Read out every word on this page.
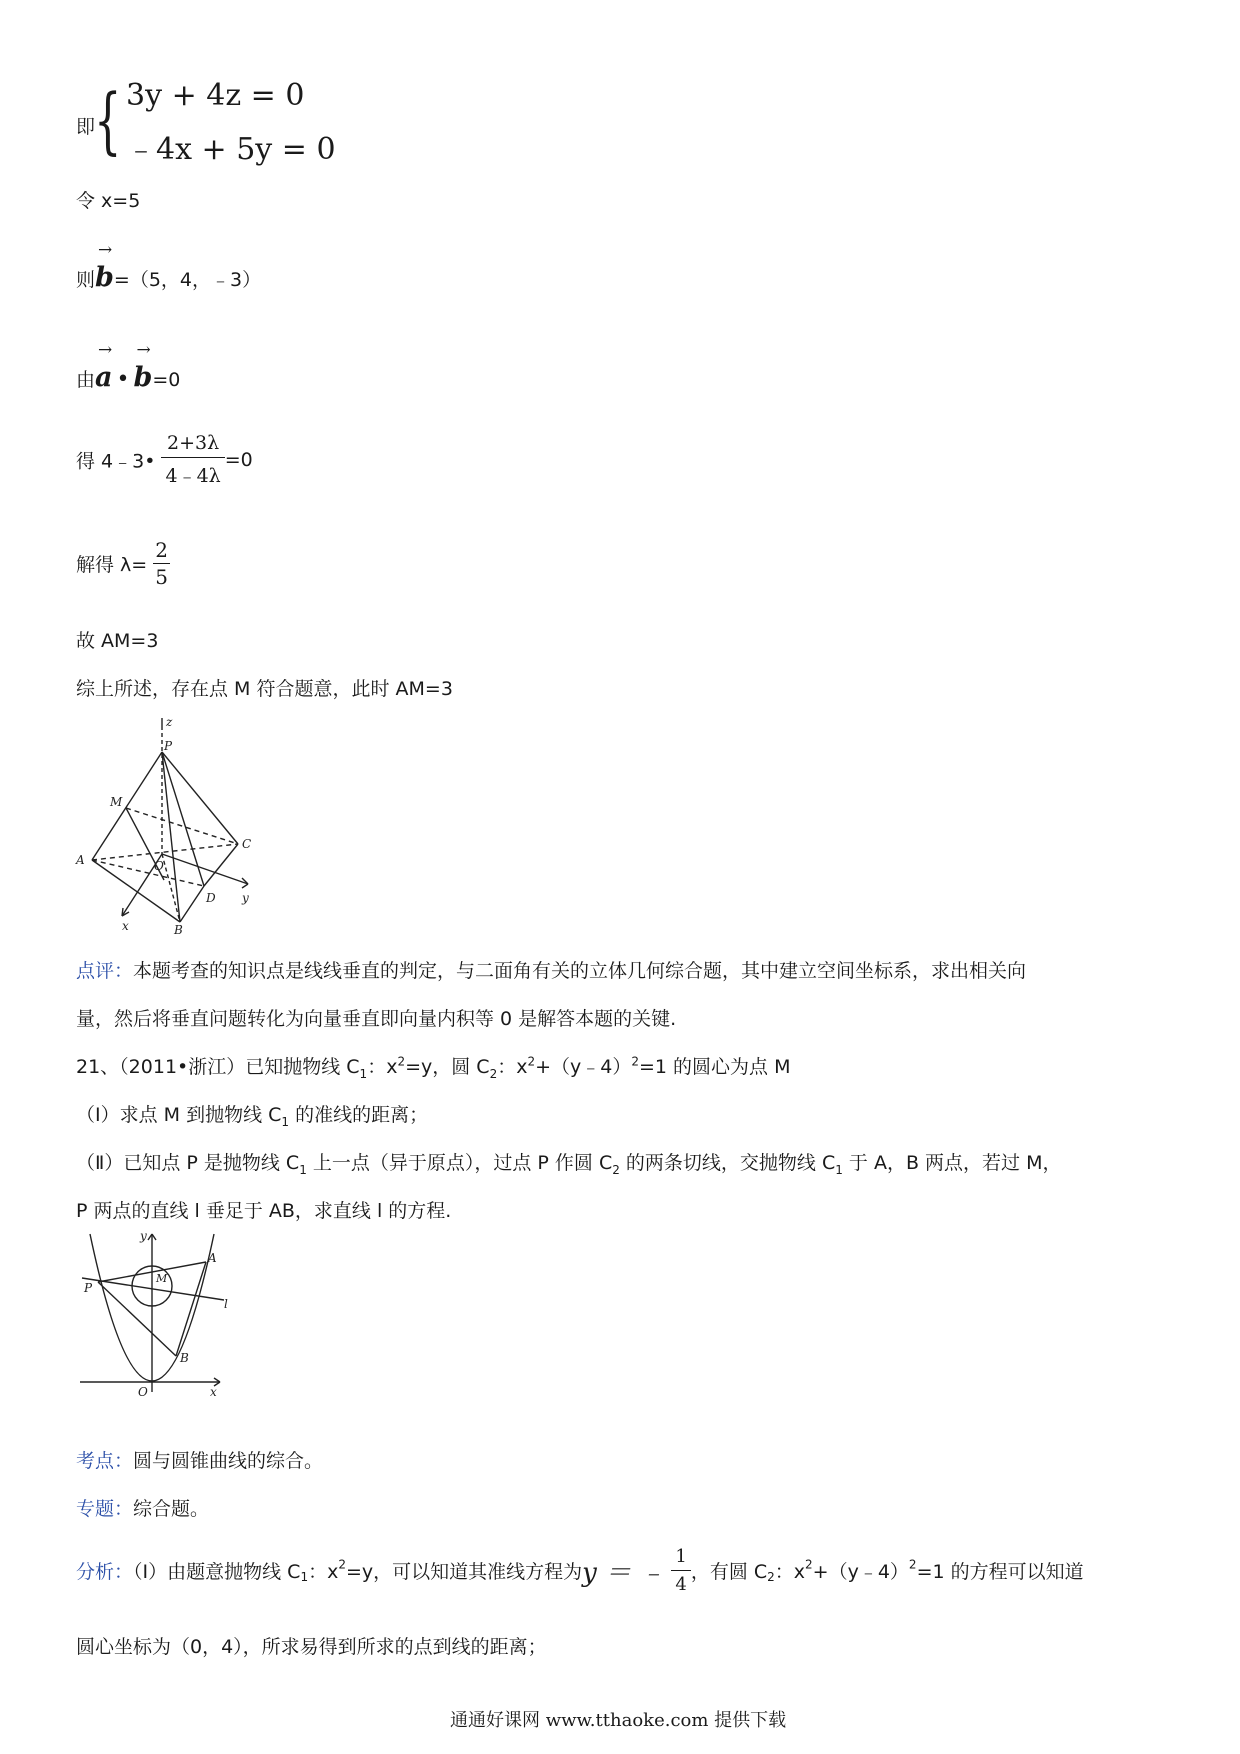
即
{ 3y + 4z = 0
﹣4x + 5y = 0
令 x=5
则
→
b=（5，4，﹣3）
由
→
a •
→
b=0
得 4﹣3• $\frac{2+3\lambda}{4﹣4\lambda} =0$
解得 $\lambda= \frac{2}{5}$
故 AM=3
综上所述，存在点 M 符合题意，此时 AM=3
z
P
M
C
A	O
D y
x	B
点评：本题考查的知识点是线线垂直的判定，与二面角有关的立体几何综合题，其中建立空间坐标系，求出相关向
量，然后将垂直问题转化为向量垂直即向量内积等 0 是解答本题的关键.
21、（2011•浙江）已知抛物线 $C_1$：$x^2=y$，圆 $C_2$：$x^2+(y﹣4)^2=1$ 的圆心为点 M
（Ⅰ）求点 M 到抛物线 $C_1$ 的准线的距离；
（Ⅱ）已知点 P 是抛物线 $C_1$ 上一点（异于原点），过点 P 作圆 $C_2$ 的两条切线，交抛物线 $C_1$ 于 A，B 两点，若过 M，
P 两点的直线 l 垂足于 AB，求直线 l 的方程.
y
A
P
M
l
B
O	x
考点：圆与圆锥曲线的综合。
专题：综合题。
分析：（I）由题意抛物线 $C_1$：$x^2=y$，可以知道其准线方程为y ＝ ﹣ $\frac{1}{4}$ ，有圆 $C_2$：$x^2+(y﹣4)^2=1$ 的方程可以知道
圆心坐标为（0，4），所求易得到所求的点到线的距离；
通通好课网 www.tthaoke.com 提供下载
